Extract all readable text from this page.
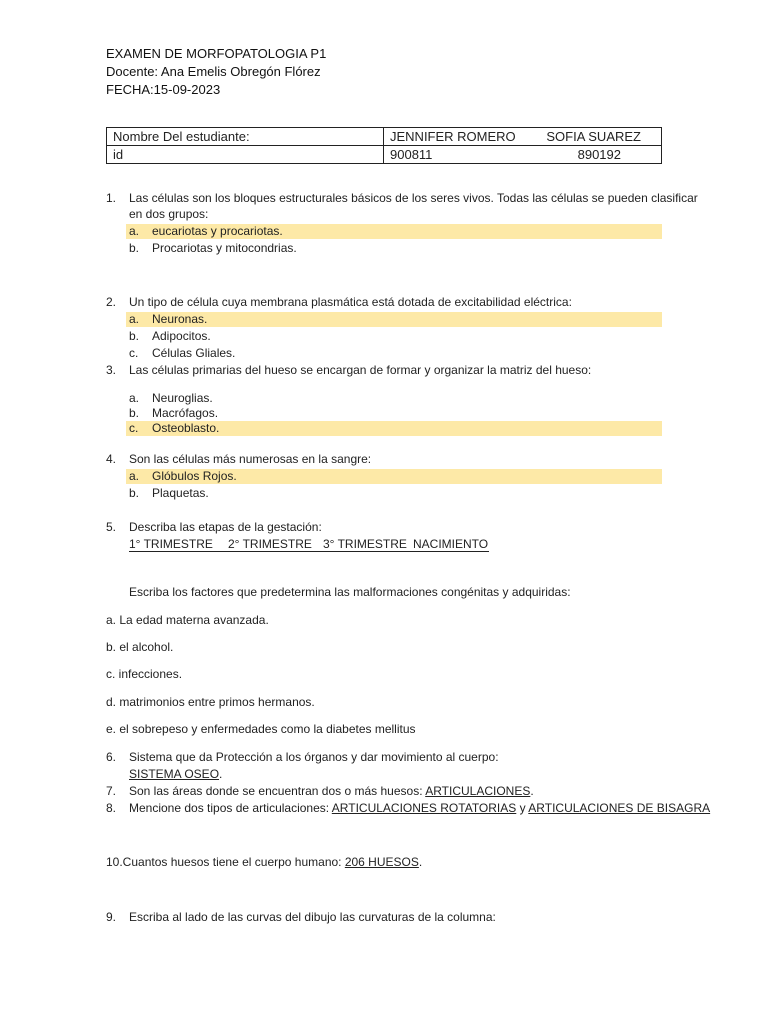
EXAMEN DE MORFOPATOLOGIA P1
Docente: Ana Emelis Obregón Flórez
FECHA:15-09-2023
Nombre Del estudiante:	JENNIFER ROMERO SOFIA SUAREZ

id	900811 890192
1.	Las células son los bloques estructurales básicos de los seres vivos. Todas las células se pueden clasificar
en dos grupos:
a. eucariotas y procariotas.
b. Procariotas y mitocondrias.
2.	Un tipo de célula cuya membrana plasmática está dotada de excitabilidad eléctrica:
a. Neuronas.
b. Adipocitos.
c. Células Gliales.
3.	Las células primarias del hueso se encargan de formar y organizar la matriz del hueso:
a. Neuroglias.
b. Macrófagos.
c. Osteoblasto.
4.	Son las células más numerosas en la sangre:
a. Glóbulos Rojos.
b. Plaquetas.
5.	Describa las etapas de la gestación:
1° TRIMESTRE 2° TRIMESTRE 3° TRIMESTRE NACIMIENTO
Escriba los factores que predetermina las malformaciones congénitas y adquiridas:
a. La edad materna avanzada.
b. el alcohol.
c. infecciones.
d. matrimonios entre primos hermanos.
e. el sobrepeso y enfermedades como la diabetes mellitus
6.	Sistema que da Protección a los órganos y dar movimiento al cuerpo:
SISTEMA OSEO.
7.	Son las áreas donde se encuentran dos o más huesos: ARTICULACIONES.
8.	Mencione dos tipos de articulaciones: ARTICULACIONES ROTATORIAS y ARTICULACIONES DE BISAGRA
10.Cuantos huesos tiene el cuerpo humano: 206 HUESOS.
9.	Escriba al lado de las curvas del dibujo las curvaturas de la columna:
